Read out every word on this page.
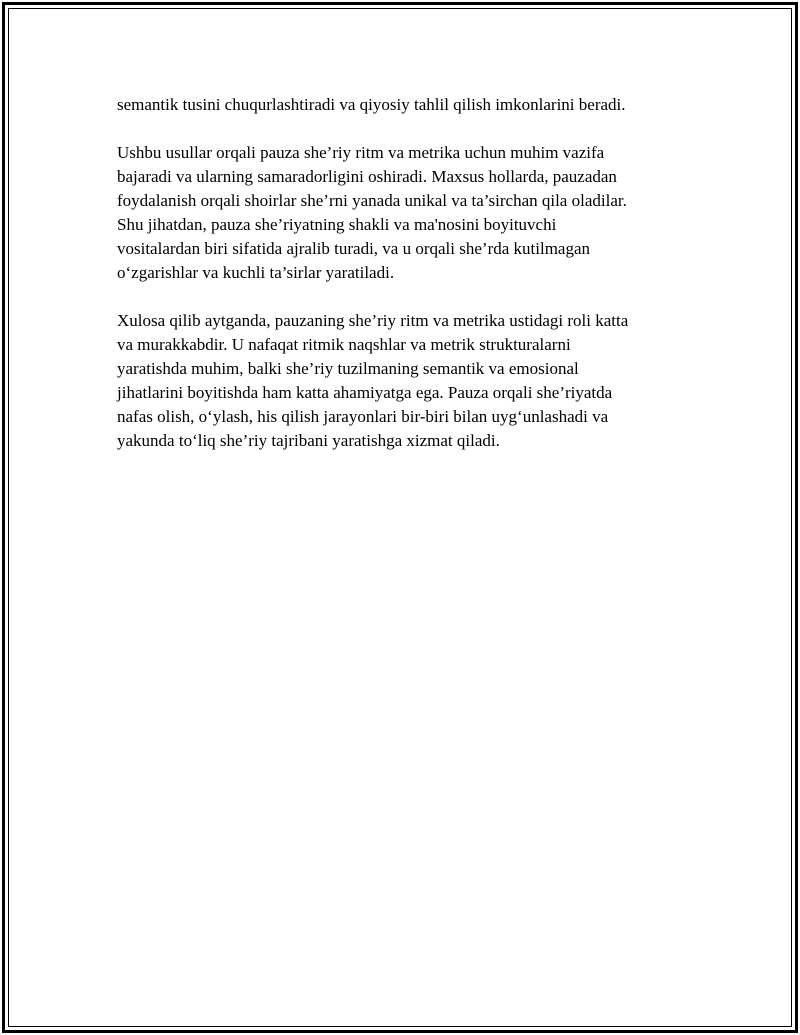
semantik tusini chuqurlashtiradi va qiyosiy tahlil qilish imkonlarini beradi.

Ushbu usullar orqali pauza she’riy ritm va metrika uchun muhim vazifa
bajaradi va ularning samaradorligini oshiradi. Maxsus hollarda, pauzadan
foydalanish orqali shoirlar she’rni yanada unikal va ta’sirchan qila oladilar.
Shu jihatdan, pauza she’riyatning shakli va ma'nosini boyituvchi
vositalardan biri sifatida ajralib turadi, va u orqali she’rda kutilmagan
o‘zgarishlar va kuchli ta’sirlar yaratiladi.

Xulosa qilib aytganda, pauzaning she’riy ritm va metrika ustidagi roli katta
va murakkabdir. U nafaqat ritmik naqshlar va metrik strukturalarni
yaratishda muhim, balki she’riy tuzilmaning semantik va emosional
jihatlarini boyitishda ham katta ahamiyatga ega. Pauza orqali she’riyatda
nafas olish, o‘ylash, his qilish jarayonlari bir-biri bilan uyg‘unlashadi va
yakunda to‘liq she’riy tajribani yaratishga xizmat qiladi.
